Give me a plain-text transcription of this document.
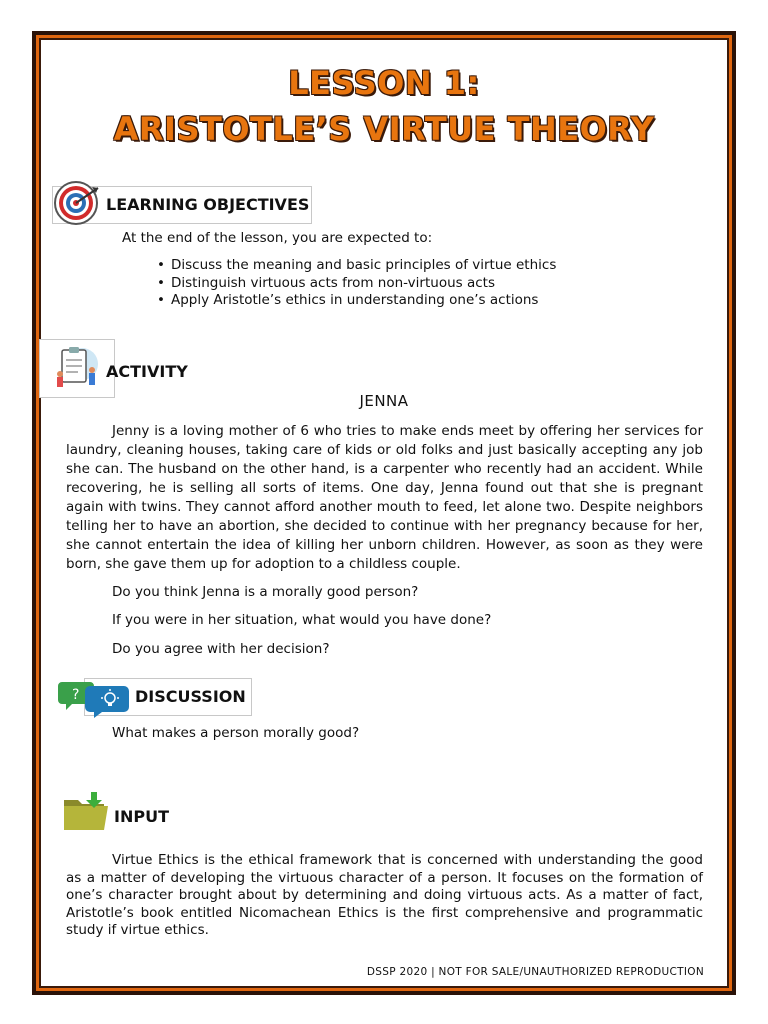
LESSON 1:
ARISTOTLE’S VIRTUE THEORY
LEARNING OBJECTIVES

At the end of the lesson, you are expected to:

• Discuss the meaning and basic principles of virtue ethics
• Distinguish virtuous acts from non-virtuous acts
• Apply Aristotle’s ethics in understanding one’s actions
ACTIVITY

JENNA

Jenny is a loving mother of 6 who tries to make ends meet by offering her services for laundry, cleaning houses, taking care of kids or old folks and just basically accepting any job she can. The husband on the other hand, is a carpenter who recently had an accident. While recovering, he is selling all sorts of items. One day, Jenna found out that she is pregnant again with twins. They cannot afford another mouth to feed, let alone two. Despite neighbors telling her to have an abortion, she decided to continue with her pregnancy because for her, she cannot entertain the idea of killing her unborn children. However, as soon as they were born, she gave them up for adoption to a childless couple.

Do you think Jenna is a morally good person?

If you were in her situation, what would you have done?

Do you agree with her decision?

?	DISCUSSION

What makes a person morally good?

INPUT

Virtue Ethics is the ethical framework that is concerned with understanding the good as a matter of developing the virtuous character of a person. It focuses on the formation of one’s character brought about by determining and doing virtuous acts. As a matter of fact, Aristotle’s book entitled Nicomachean Ethics is the first comprehensive and programmatic study if virtue ethics.

DSSP 2020 | NOT FOR SALE/UNAUTHORIZED REPRODUCTION
